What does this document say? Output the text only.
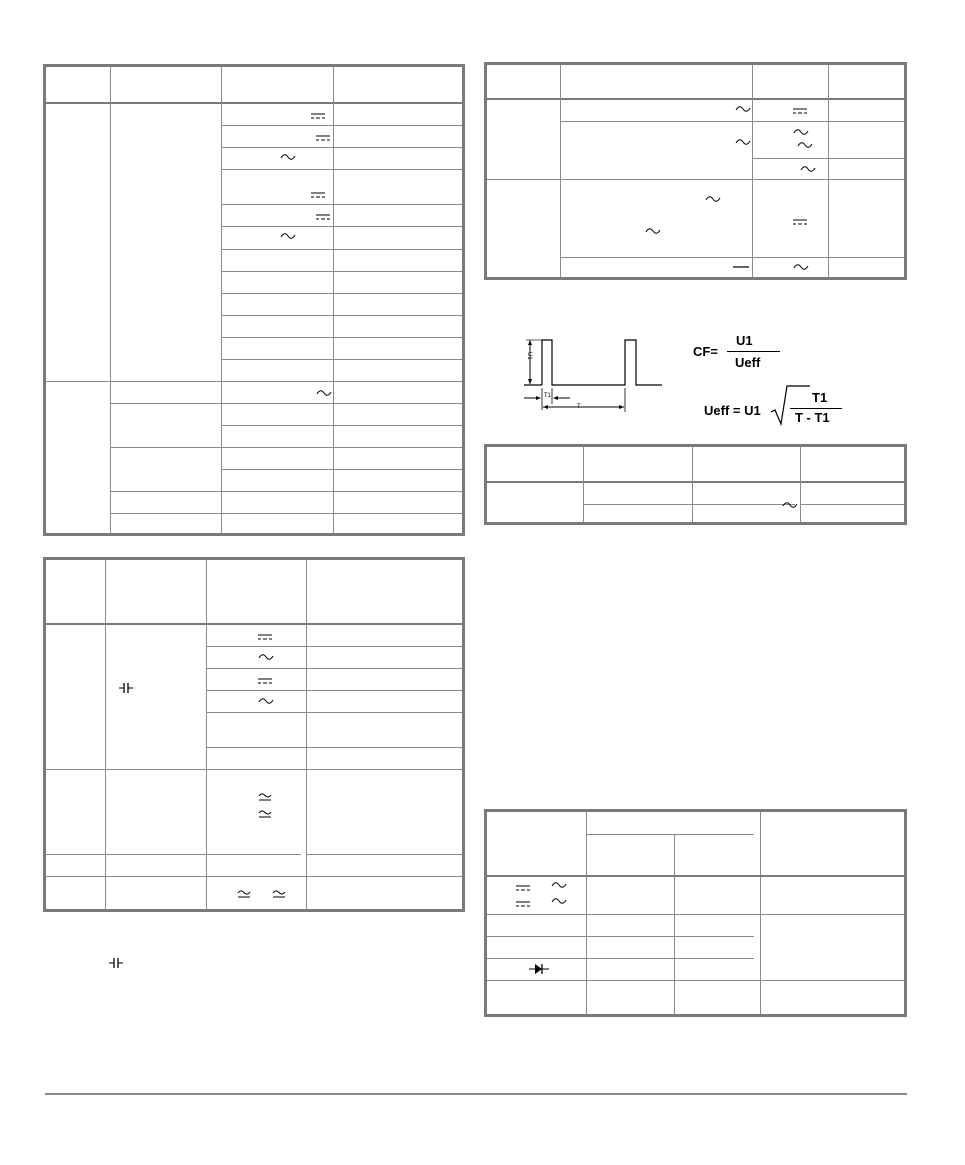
U1
T1
T
CF=
U1
Ueff
Ueff = U1
T1
T - T1
